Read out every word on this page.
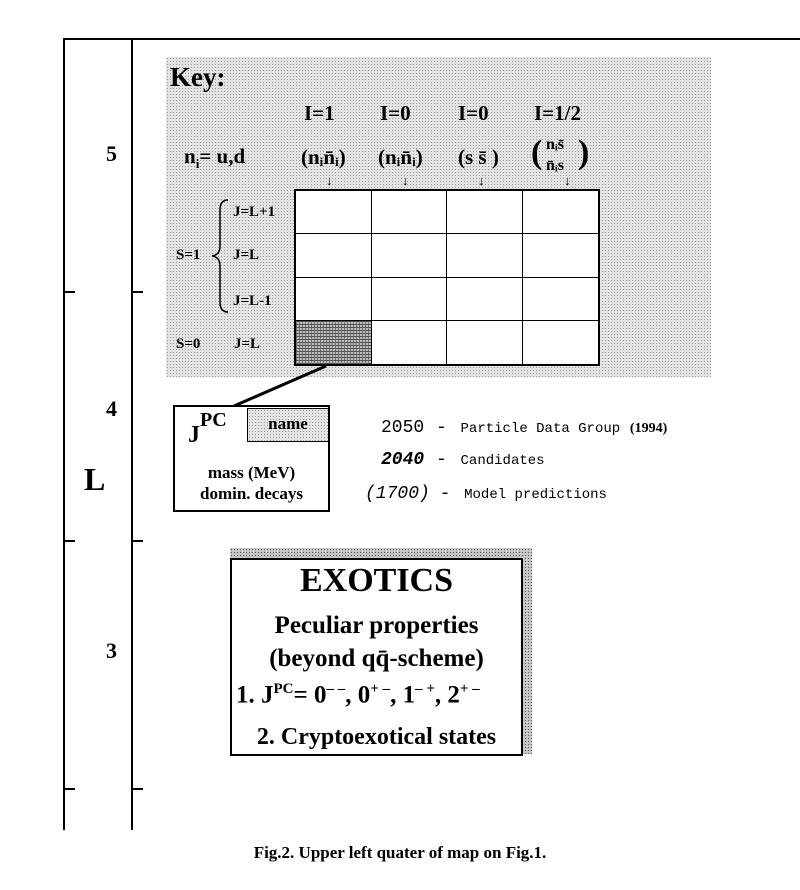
5
4
3
L
Key:
$n_i= u,d$
I=1 I=0 I=0 I=1/2
(nᵢn̄ᵢ) (nᵢn̄ᵢ) (s s̄ ) ( nᵢs̄
n̄ᵢs )
↓	↓	↓	↓
J=L+1
J=L
J=L-1
S=1
S=0 J=L
JPC	name
mass (MeV)
domin. decays
2050 - Particle Data Group (1994)
2040 - Candidates
(1700) - Model predictions
EXOTICS
Peculiar properties
(beyond qq̄-scheme)
1. $J^{PC}= 0^{- -}$, 0+ –, 1– +, 2+ –
2. Cryptoexotical states
Fig.2. Upper left quater of map on Fig.1.
